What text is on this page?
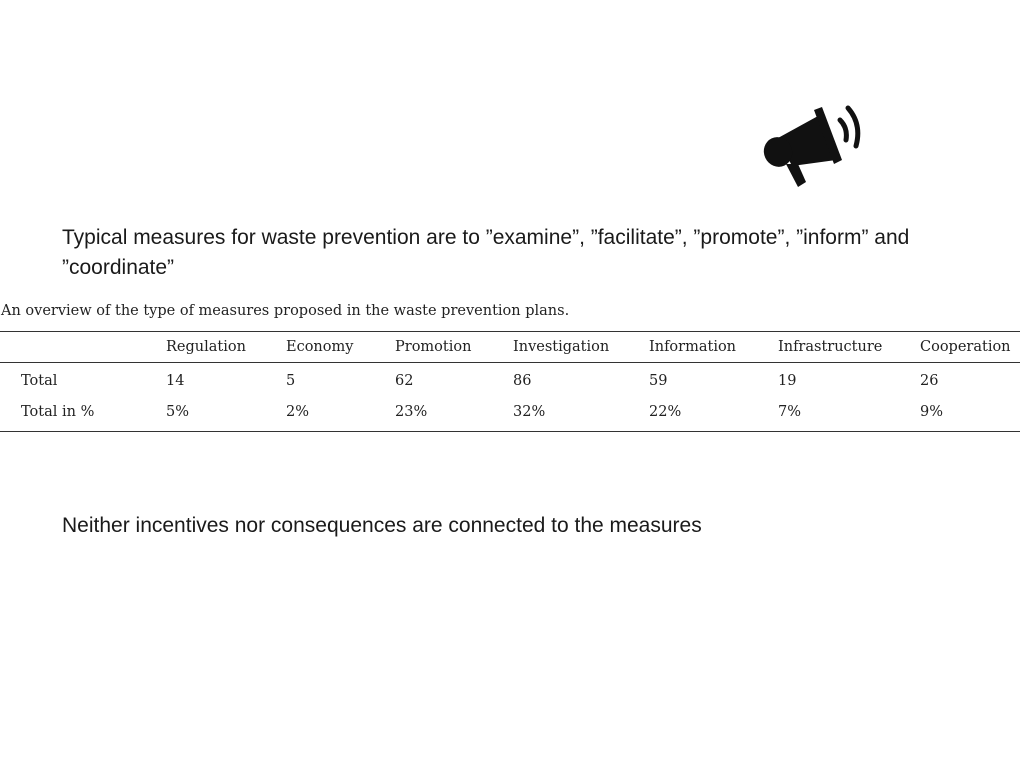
Typical measures for waste prevention are to ”examine”, ”facilitate”, ”promote”, ”inform” and ”coordinate”
An overview of the type of measures proposed in the waste prevention plans.
	Regulation	Economy	Promotion	Investigation	Information	Infrastructure	Cooperation
Total	14	5	62	86	59	19	26
Total in %	5%	2%	23%	32%	22%	7%	9%
Neither incentives nor consequences are connected to the measures
